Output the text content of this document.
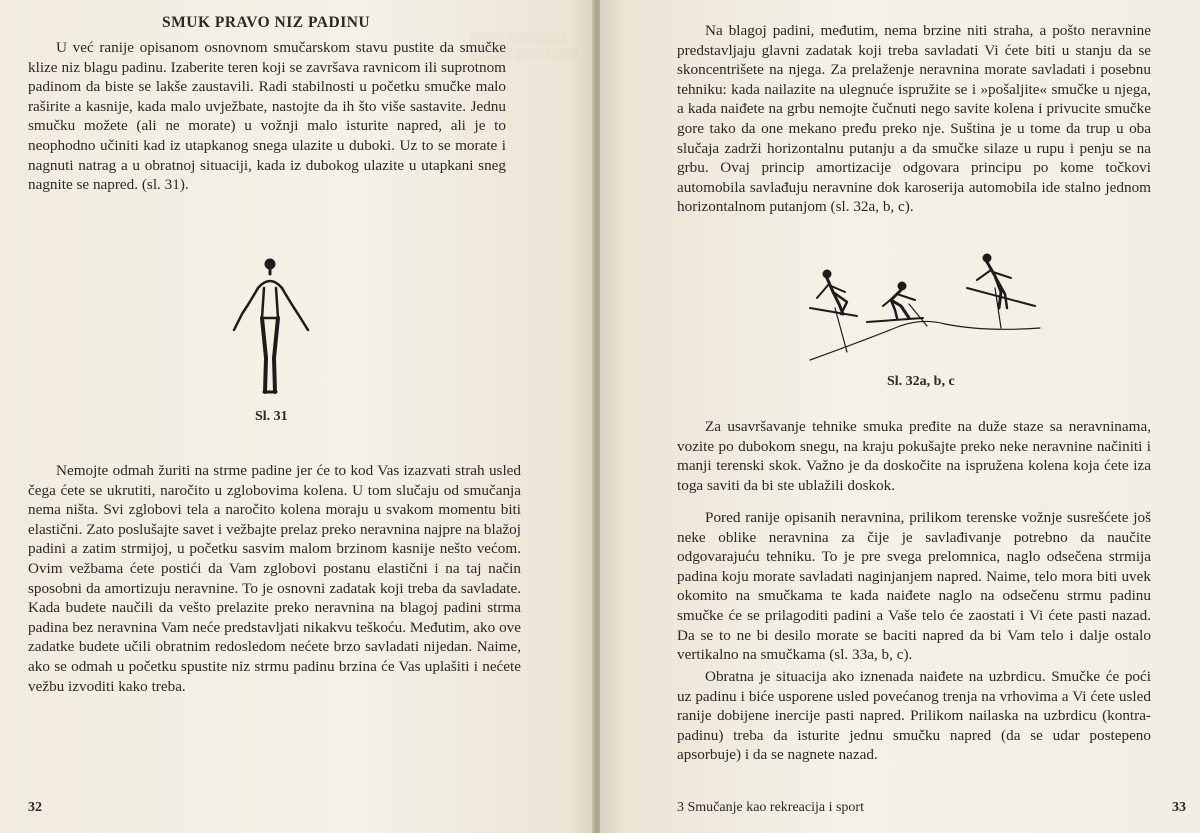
▒▒▒▒ ▒▒▒▒▒▒▒
▒▒▒▒▒ ▒▒▒▒ ▒▒▒
SMUK PRAVO NIZ PADINU

U već ranije opisanom osnovnom smučarskom stavu pustite da smučke klize niz blagu padinu. Izaberite teren koji se završava ravnicom ili suprotnom padinom da biste se lakše zaustavili. Radi stabilnosti u početku smučke malo raširite a kasnije, kada malo uvježbate, nastojte da ih što više sastavite. Jednu smučku možete (ali ne morate) u vožnji malo isturite napred, ali je to neophodno učiniti kad iz utapkanog snega ulazite u duboki. Uz to se morate i nagnuti natrag a u obratnoj situaciji, kada iz dubokog ulazite u utapkani sneg nagnite se napred. (sl. 31).

Sl. 31

Nemojte odmah žuriti na strme padine jer će to kod Vas izazvati strah usled čega ćete se ukrutiti, naročito u zglobovima kolena. U tom slučaju od smučanja nema ništa. Svi zglobovi tela a naročito kolena moraju u svakom momentu biti elastični. Zato poslušajte savet i vežbajte prelaz preko neravnina najpre na blažoj padini a zatim strmijoj, u početku sasvim malom brzinom kasnije nešto većom. Ovim vežbama ćete postići da Vam zglobovi postanu elastični i na taj način sposobni da amortizuju neravnine. To je osnovni zadatak koji treba da savladate. Kada budete naučili da vešto prelazite preko neravnina na blagoj padini strma padina bez neravnina Vam neće predstavljati nikakvu teškoću. Međutim, ako ove zadatke budete učili obratnim redosledom nećete brzo savladati nijedan. Naime, ako se odmah u početku spustite niz strmu padinu brzina će Vas uplašiti i nećete vežbu izvoditi kako treba.

32

Na blagoj padini, međutim, nema brzine niti straha, a pošto neravnine predstavljaju glavni zadatak koji treba savladati Vi ćete biti u stanju da se skoncentrišete na njega. Za prelaženje neravnina morate savladati i posebnu tehniku: kada nailazite na ulegnuće ispružite se i »pošaljite« smučke u njega, a kada naiđete na grbu nemojte čučnuti nego savite kolena i privucite smučke gore tako da one mekano pređu preko nje. Suština je u tome da trup u oba slučaja zadrži horizontalnu putanju a da smučke silaze u rupu i penju se na grbu. Ovaj princip amortizacije odgovara principu po kome točkovi automobila savlađuju neravnine dok karoserija automobila ide stalno jednom horizontalnom putanjom (sl. 32a, b, c).

Sl. 32a, b, c

Za usavršavanje tehnike smuka pređite na duže staze sa neravninama, vozite po dubokom snegu, na kraju pokušajte preko neke neravnine načiniti i manji terenski skok. Važno je da doskočite na ispružena kolena koja ćete iza toga saviti da bi ste ublažili doskok.

Pored ranije opisanih neravnina, prilikom terenske vožnje susrešćete još neke oblike neravnina za čije je savlađivanje potrebno da naučite odgovarajuću tehniku. To je pre svega prelomnica, naglo odsečena strmija padina koju morate savladati naginjanjem napred. Naime, telo mora biti uvek okomito na smučkama te kada naiđete naglo na odsečenu strmu padinu smučke će se prilagoditi padini a Vaše telo će zaostati i Vi ćete pasti nazad. Da se to ne bi desilo morate se baciti napred da bi Vam telo i dalje ostalo vertikalno na smučkama (sl. 33a, b, c).

Obratna je situacija ako iznenada naiđete na uzbrdicu. Smučke će poći uz padinu i biće usporene usled povećanog trenja na vrhovima a Vi ćete usled ranije dobijene inercije pasti napred. Prilikom nailaska na uzbrdicu (kontra-padinu) treba da isturite jednu smučku napred (da se udar postepeno apsorbuje) i da se nagnete nazad.

3 Smučanje kao rekreacija i sport	33
